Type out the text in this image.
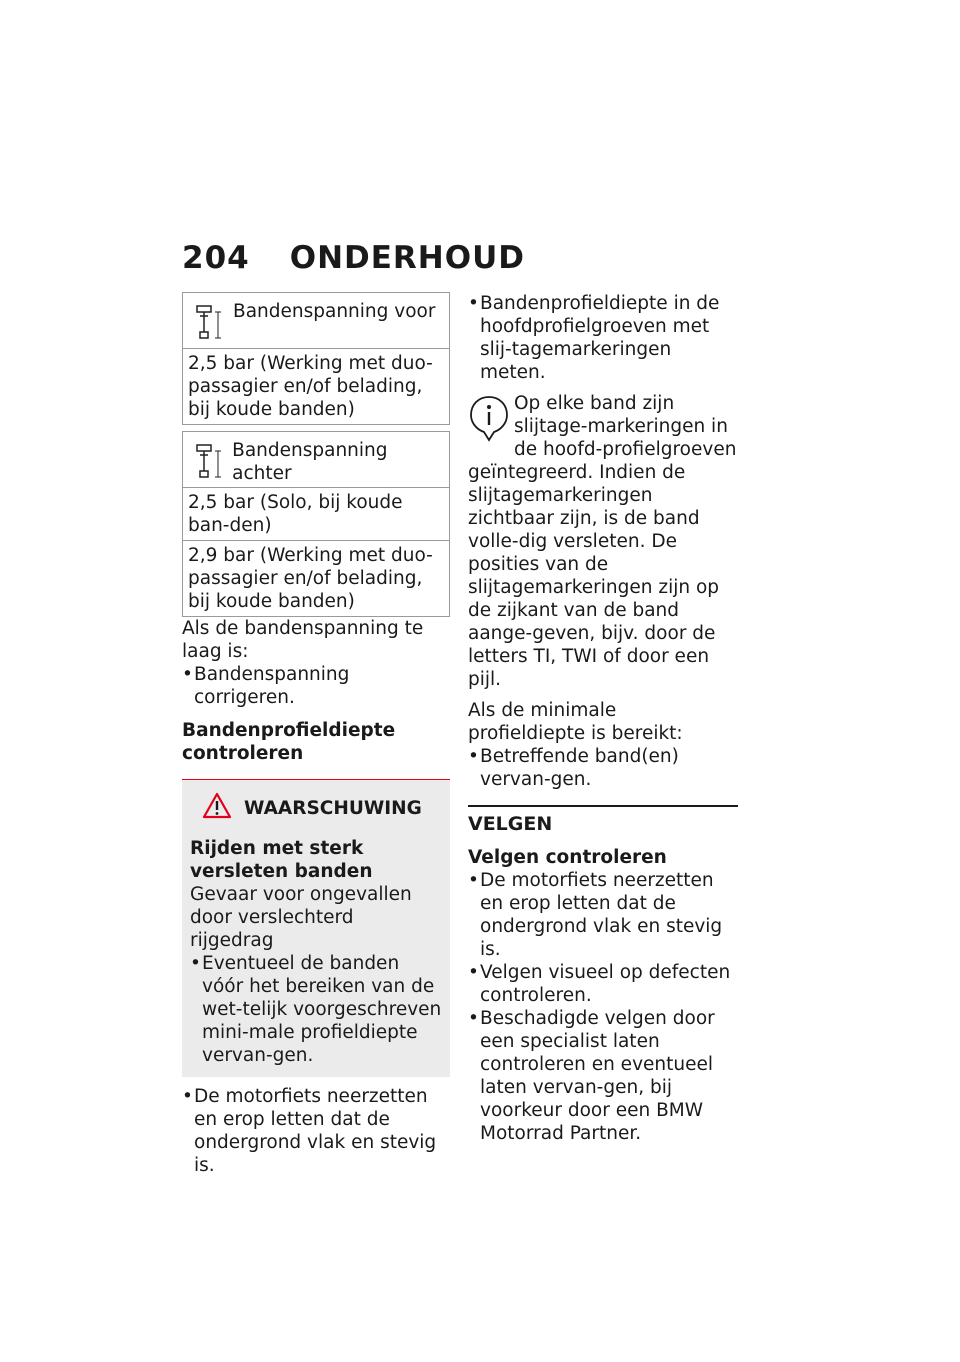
204 ONDERHOUD
Bandenspanning voor
2,5 bar (Werking met duo-passagier en/of belading, bij koude banden)
Bandenspanning achter
2,5 bar (Solo, bij koude ban-den)
2,9 bar (Werking met duo-passagier en/of belading, bij koude banden)

Als de bandenspanning te laag is:

• Bandenspanning corrigeren.

Bandenprofieldiepte controleren

WAARSCHUWING

Rijden met sterk versleten banden

Gevaar voor ongevallen door verslechterd rijgedrag

• Eventueel de banden vóór het bereiken van de wet-telijk voorgeschreven mini-male profieldiepte vervan-gen.

• De motorfiets neerzetten en erop letten dat de ondergrond vlak en stevig is.

• Bandenprofieldiepte in de hoofdprofielgroeven met slij-tagemarkeringen meten.

Op elke band zijn slijtage-markeringen in de hoofd-profielgroeven geïntegreerd. Indien de slijtagemarkeringen zichtbaar zijn, is de band volle-dig versleten. De posities van de slijtagemarkeringen zijn op de zijkant van de band aange-geven, bijv. door de letters TI, TWI of door een pijl.

Als de minimale profieldiepte is bereikt:

• Betreffende band(en) vervan-gen.

VELGEN

Velgen controleren

• De motorfiets neerzetten en erop letten dat de ondergrond vlak en stevig is.

• Velgen visueel op defecten controleren.

• Beschadigde velgen door een specialist laten controleren en eventueel laten vervan-gen, bij voorkeur door een BMW Motorrad Partner.
